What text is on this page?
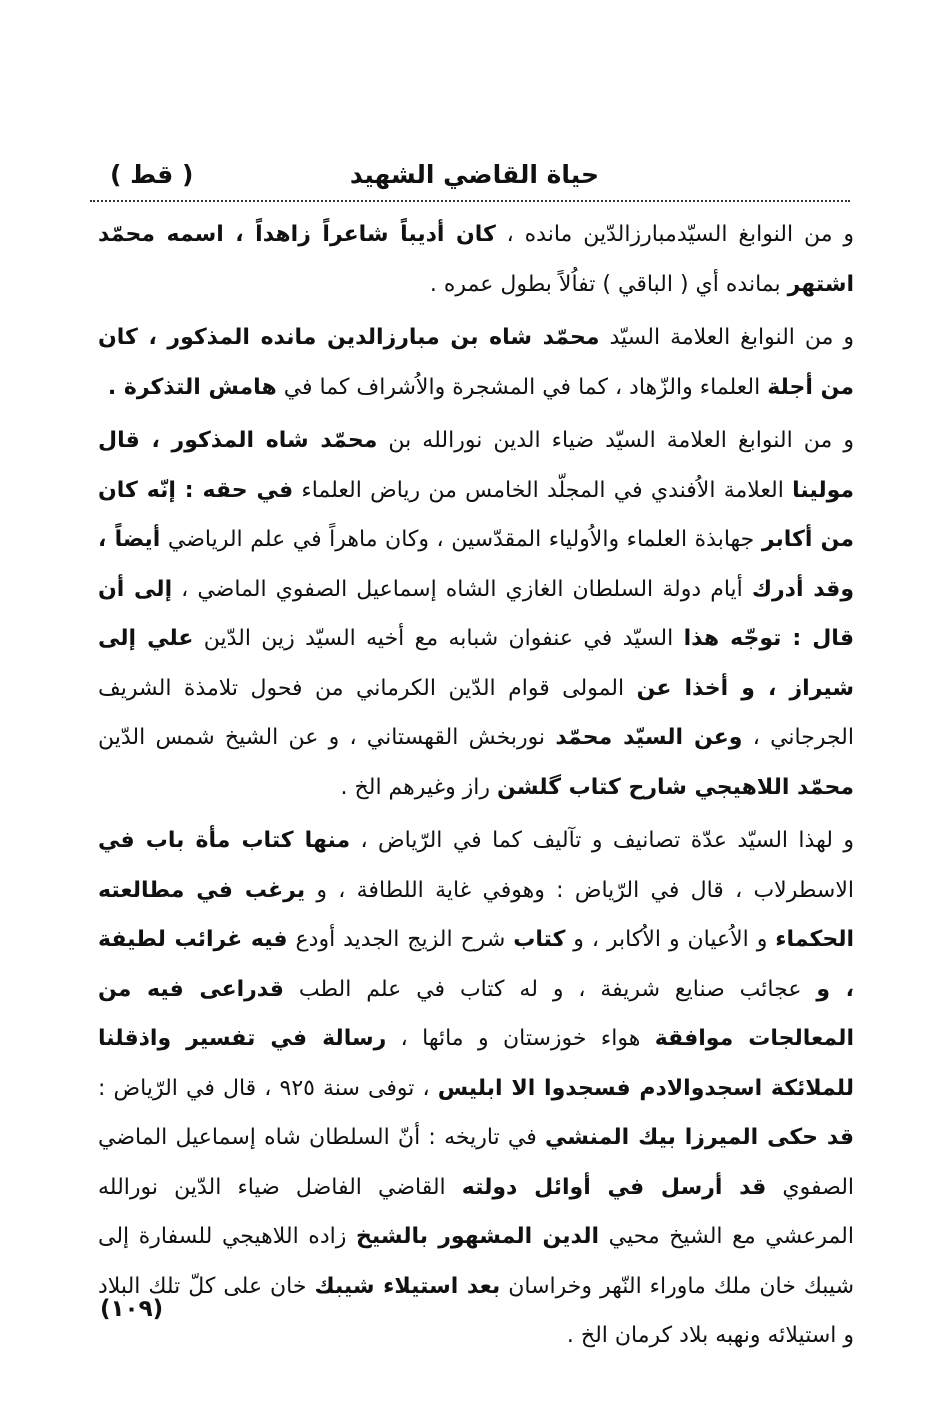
حياة القاضي الشهيد
( قط )

و من النوابغ السيّدمبارزالدّين مانده ، كان أديباً شاعراً زاهداً ، اسمه محمّد اشتهر بمانده أي ( الباقي ) تفاُلاً بطول عمره .

و من النوابغ العلامة السيّد محمّد شاه بن مبارزالدين مانده المذكور ، كان من أجلة العلماء والزّهاد ، كما في المشجرة والاُشراف كما في هامش التذكرة .

و من النوابغ العلامة السيّد ضياء الدين نورالله بن محمّد شاه المذكور ، قال مولينا العلامة الاُفندي في المجلّد الخامس من رياض العلماء في حقه : إنّه كان من أكابر جهابذة العلماء والاُولياء المقدّسين ، وكان ماهراً في علم الرياضي أيضاً ، وقد أدرك أيام دولة السلطان الغازي الشاه إسماعيل الصفوي الماضي ، إلى أن قال : توجّه هذا السيّد في عنفوان شبابه مع أخيه السيّد زين الدّين علي إلى شيراز ، و أخذا عن المولى قوام الدّين الكرماني من فحول تلامذة الشريف الجرجاني ، وعن السيّد محمّد نوربخش القهستاني ، و عن الشيخ شمس الدّين محمّد اللاهيجي شارح كتاب گلشن راز وغيرهم الخ .

و لهذا السيّد عدّة تصانيف و تآليف كما في الرّياض ، منها كتاب مأة باب في الاسطرلاب ، قال في الرّياض : وهوفي غاية اللطافة ، و يرغب في مطالعته الحكماء و الاُعيان و الاُكابر ، و كتاب شرح الزيج الجديد أودع فيه غرائب لطيفة ، و عجائب صنايع شريفة ، و له كتاب في علم الطب قدراعى فيه من المعالجات موافقة هواء خوزستان و مائها ، رسالة في تفسير واذقلنا للملائكة اسجدوالادم فسجدوا الا ابليس ، توفى سنة ٩٢٥ ، قال في الرّياض : قد حكى الميرزا بيك المنشي في تاريخه : أنّ السلطان شاه إسماعيل الماضي الصفوي قد أرسل في أوائل دولته القاضي الفاضل ضياء الدّين نورالله المرعشي مع الشيخ محيي الدين المشهور بالشيخ زاده اللاهيجي للسفارة إلى شيبك خان ملك ماوراء النّهر وخراسان بعد استيلاء شيبك خان على كلّ تلك البلاد و استيلائه ونهبه بلاد كرمان الخ .

(١٠٩)
